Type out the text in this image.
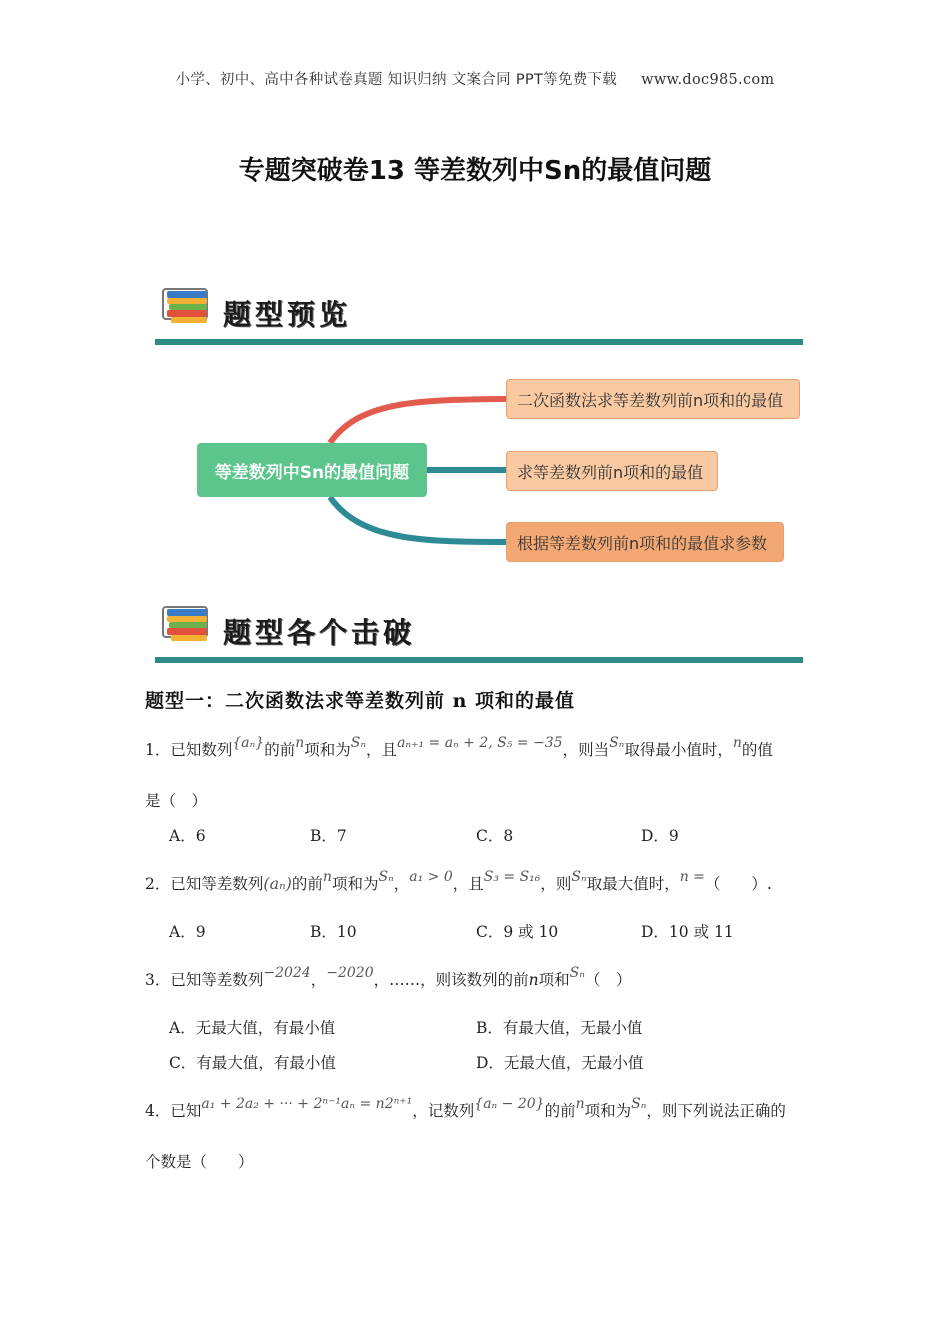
小学、初中、高中各种试卷真题 知识归纳 文案合同 PPT等免费下载 www.doc985.com
专题突破卷13 等差数列中Sn的最值问题
题型预览
等差数列中Sn的最值问题
二次函数法求等差数列前n项和的最值
求等差数列前n项和的最值
根据等差数列前n项和的最值求参数
题型各个击破
题型一：二次函数法求等差数列前 n 项和的最值
1．已知数列{aₙ}的前n项和为Sₙ，且aₙ₊₁ = aₙ + 2, S₅ = −35，则当Sₙ取得最小值时，n的值
是（　）
A．6	B．7	C．8	D．9
2．已知等差数列(aₙ)的前n项和为Sₙ，a₁ > 0，且S₃ = S₁₆，则Sₙ取最大值时，n =（　　）.
A．9	B．10	C．9 或 10	D．10 或 11
3．已知等差数列−2024，−2020，……，则该数列的前n项和Sₙ（　）
A．无最大值，有最小值	B．有最大值，无最小值
C．有最大值，有最小值	D．无最大值，无最小值
4．已知a₁ + 2a₂ + ··· + 2ⁿ⁻¹aₙ = n2ⁿ⁺¹，记数列{aₙ − 20}的前n项和为Sₙ，则下列说法正确的
个数是（　　）
